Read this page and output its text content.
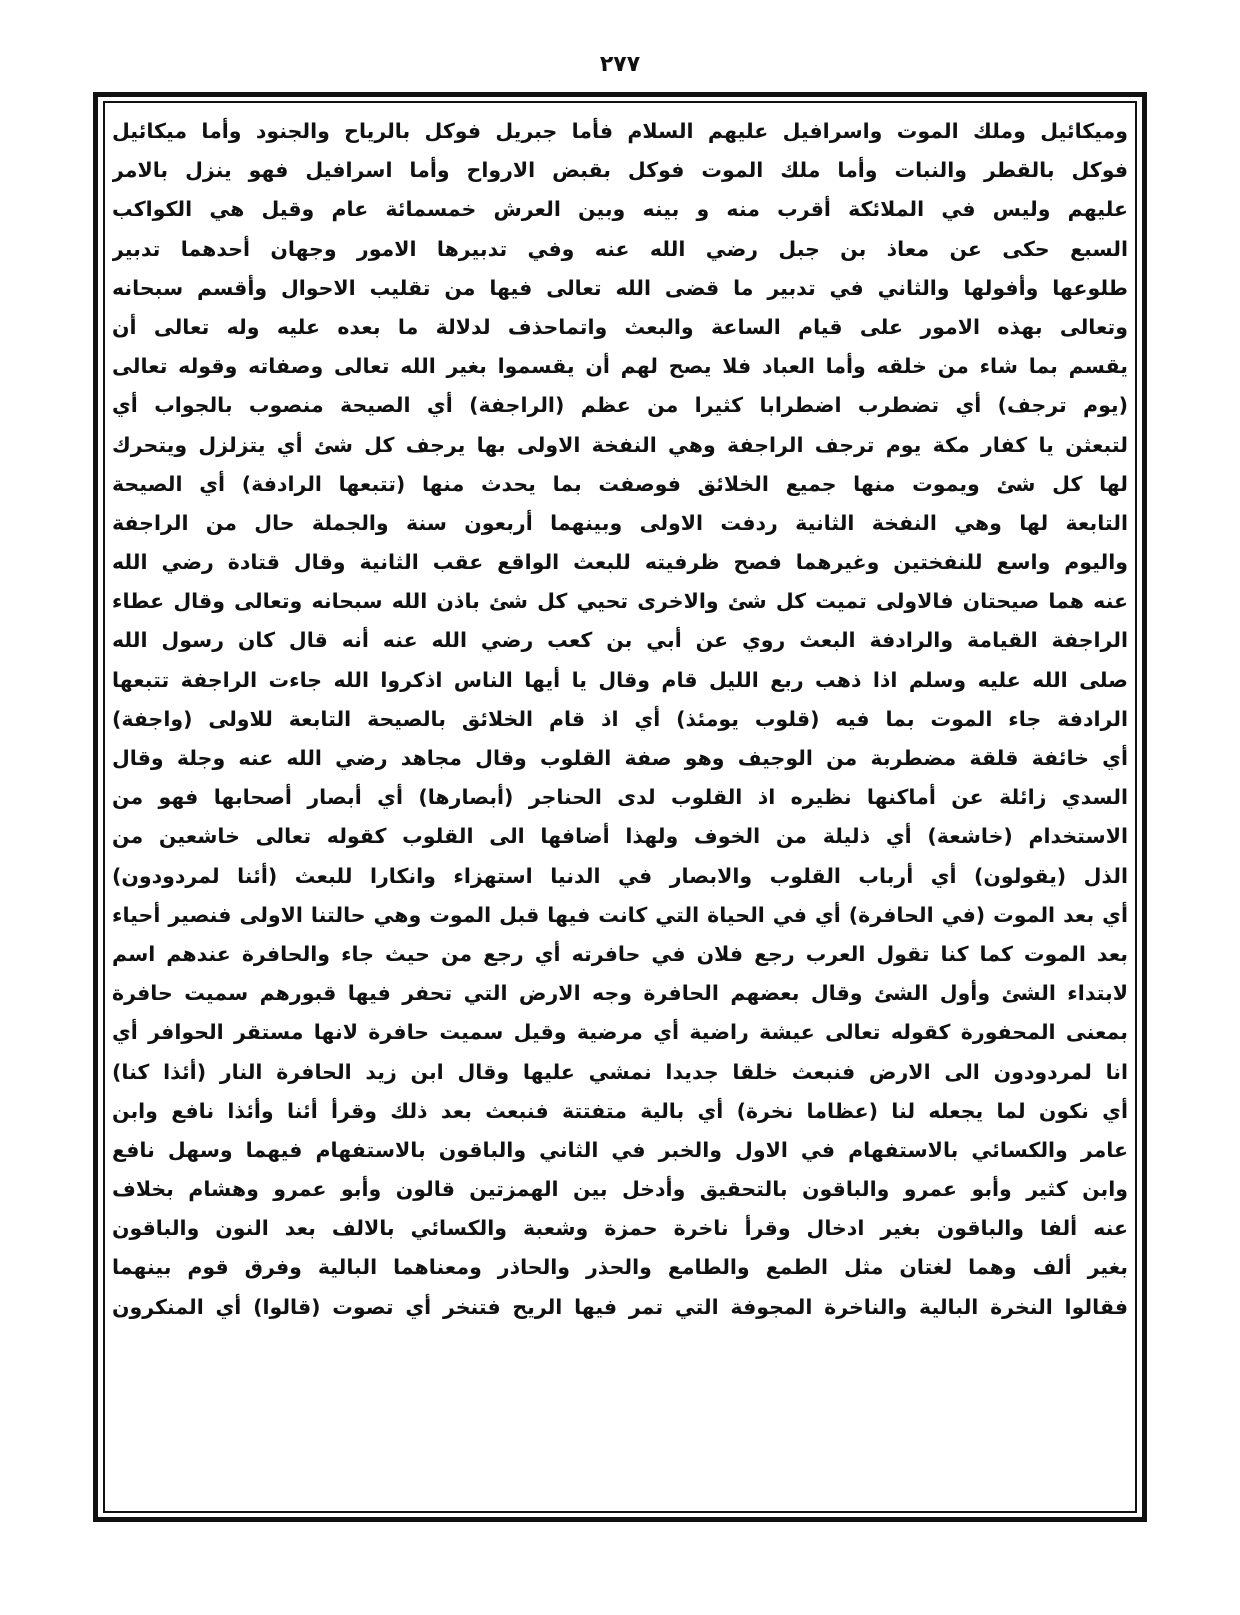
٢٧٧
وميكائيل وملك الموت واسرافيل عليهم السلام فأما جبريل فوكل بالرياح والجنود وأما ميكائيل
فوكل بالقطر والنبات وأما ملك الموت فوكل بقبض الارواح وأما اسرافيل فهو ينزل بالامر
عليهم وليس في الملائكة أقرب منه و بينه وبين العرش خمسمائة عام وقيل هي الكواكب
السبع حكى عن معاذ بن جبل رضي الله عنه وفي تدبيرها الامور وجهان أحدهما تدبير
طلوعها وأفولها والثاني في تدبير ما قضى الله تعالى فيها من تقليب الاحوال وأقسم سبحانه
وتعالى بهذه الامور على قيام الساعة والبعث واتماحذف لدلالة ما بعده عليه وله تعالى أن
يقسم بما شاء من خلقه وأما العباد فلا يصح لهم أن يقسموا بغير الله تعالى وصفاته وقوله تعالى
(يوم ترجف) أي تضطرب اضطرابا كثيرا من عظم (الراجفة) أي الصيحة منصوب بالجواب أي
لتبعثن يا كفار مكة يوم ترجف الراجفة وهي النفخة الاولى بها يرجف كل شئ أي يتزلزل ويتحرك
لها كل شئ ويموت منها جميع الخلائق فوصفت بما يحدث منها (تتبعها الرادفة) أي الصيحة
التابعة لها وهي النفخة الثانية ردفت الاولى وبينهما أربعون سنة والجملة حال من الراجفة
واليوم واسع للنفختين وغيرهما فصح ظرفيته للبعث الواقع عقب الثانية وقال قتادة رضي الله
عنه هما صيحتان فالاولى تميت كل شئ والاخرى تحيي كل شئ باذن الله سبحانه وتعالى وقال عطاء
الراجفة القيامة والرادفة البعث روي عن أبي بن كعب رضي الله عنه أنه قال كان رسول الله
صلى الله عليه وسلم اذا ذهب ربع الليل قام وقال يا أيها الناس اذكروا الله جاءت الراجفة تتبعها
الرادفة جاء الموت بما فيه (قلوب يومئذ) أي اذ قام الخلائق بالصيحة التابعة للاولى (واجفة)
أي خائفة قلقة مضطربة من الوجيف وهو صفة القلوب وقال مجاهد رضي الله عنه وجلة وقال
السدي زائلة عن أماكنها نظيره اذ القلوب لدى الحناجر (أبصارها) أي أبصار أصحابها فهو من
الاستخدام (خاشعة) أي ذليلة من الخوف ولهذا أضافها الى القلوب كقوله تعالى خاشعين من
الذل (يقولون) أي أرباب القلوب والابصار في الدنيا استهزاء وانكارا للبعث (أئنا لمردودون)
أي بعد الموت (في الحافرة) أي في الحياة التي كانت فيها قبل الموت وهي حالتنا الاولى فنصير أحياء
بعد الموت كما كنا تقول العرب رجع فلان في حافرته أي رجع من حيث جاء والحافرة عندهم اسم
لابتداء الشئ وأول الشئ وقال بعضهم الحافرة وجه الارض التي تحفر فيها قبورهم سميت حافرة
بمعنى المحفورة كقوله تعالى عيشة راضية أي مرضية وقيل سميت حافرة لانها مستقر الحوافر أي
انا لمردودون الى الارض فنبعث خلقا جديدا نمشي عليها وقال ابن زيد الحافرة النار (أئذا كنا)
أي نكون لما يجعله لنا (عظاما نخرة) أي بالية متفتتة فنبعث بعد ذلك وقرأ أئنا وأئذا نافع وابن
عامر والكسائي بالاستفهام في الاول والخبر في الثاني والباقون بالاستفهام فيهما وسهل نافع
وابن كثير وأبو عمرو والباقون بالتحقيق وأدخل بين الهمزتين قالون وأبو عمرو وهشام بخلاف
عنه ألفا والباقون بغير ادخال وقرأ ناخرة حمزة وشعبة والكسائي بالالف بعد النون والباقون
بغير ألف وهما لغتان مثل الطمع والطامع والحذر والحاذر ومعناهما البالية وفرق قوم بينهما
فقالوا النخرة البالية والناخرة المجوفة التي تمر فيها الريح فتنخر أي تصوت (قالوا) أي المنكرون
